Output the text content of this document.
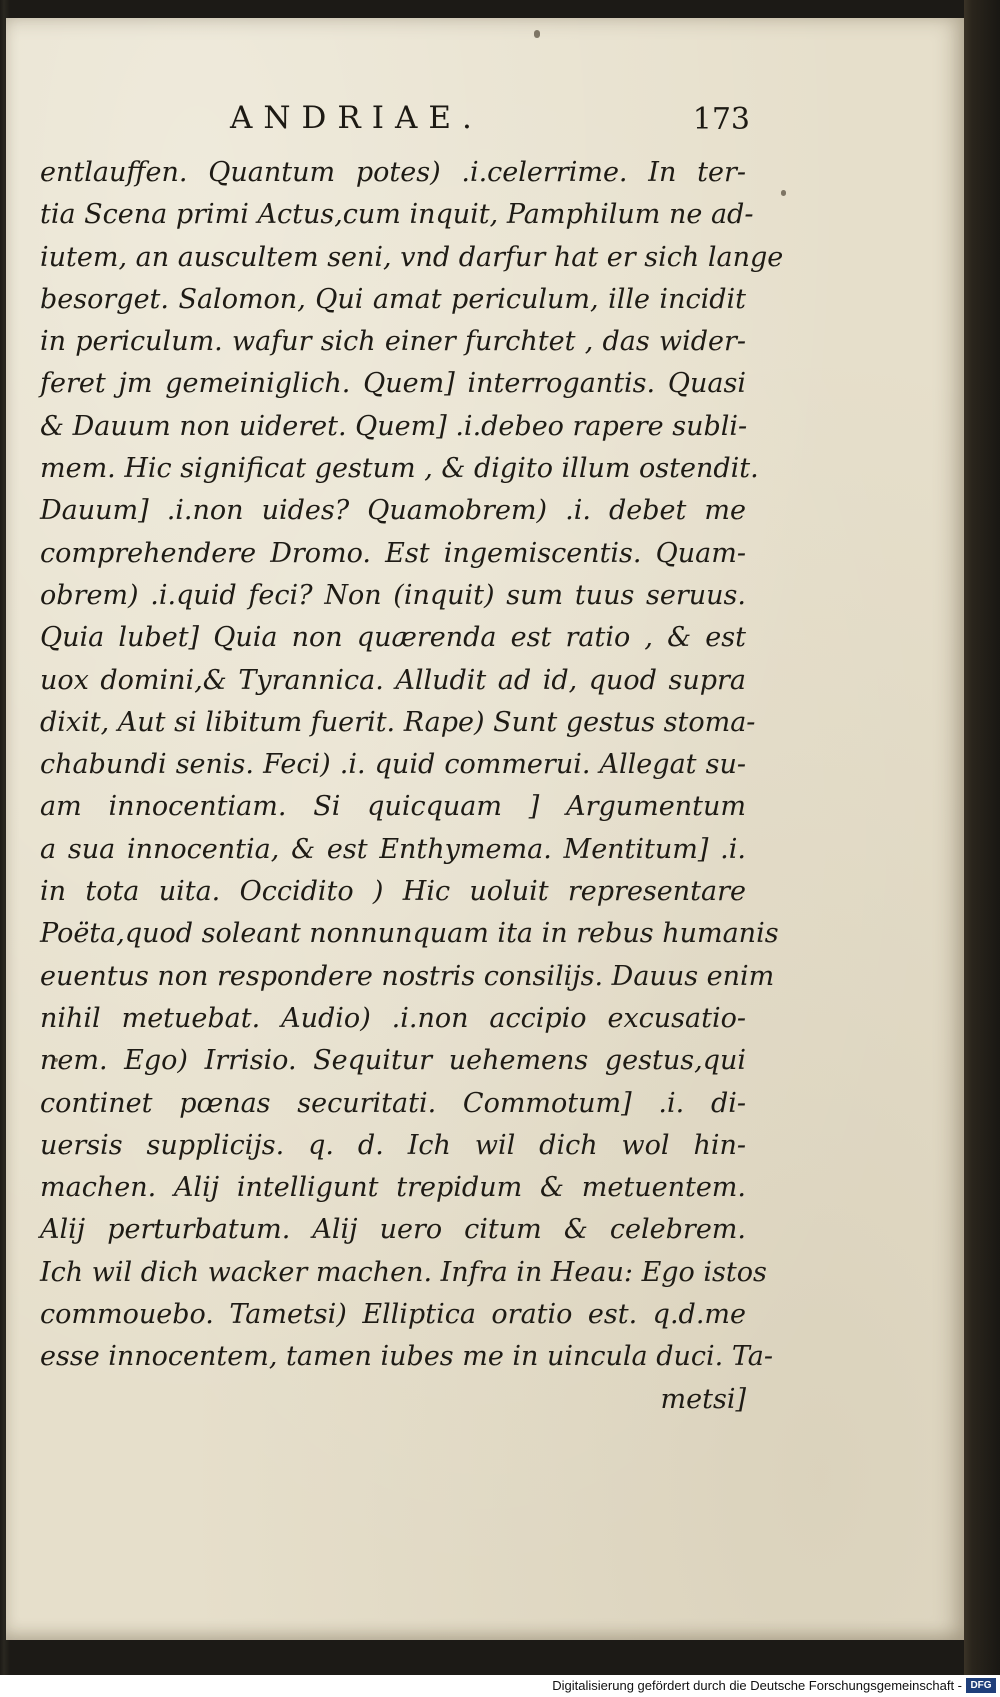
ANDRIAE.	173
entlauffen. Quantum potes) .i.celerrime. In ter-
tia Scena primi Actus,cum inquit, Pamphilum ne ad-
iutem, an auscultem seni, vnd darfur hat er sich lange
besorget. Salomon, Qui amat periculum, ille incidit
in periculum. wafur sich einer furchtet , das wider-
feret jm gemeiniglich. Quem] interrogantis. Quasi
& Dauum non uideret. Quem] .i.debeo rapere subli-
mem. Hic significat gestum , & digito illum ostendit.
Dauum] .i.non uides? Quamobrem) .i. debet me
comprehendere Dromo. Est ingemiscentis. Quam-
obrem) .i.quid feci? Non (inquit) sum tuus seruus.
Quia lubet] Quia non quærenda est ratio , & est
uox domini,& Tyrannica. Alludit ad id, quod supra
dixit, Aut si libitum fuerit. Rape) Sunt gestus stoma-
chabundi senis. Feci) .i. quid commerui. Allegat su-
am innocentiam. Si quicquam ] Argumentum
a sua innocentia, & est Enthymema. Mentitum] .i.
in tota uita. Occidito ) Hic uoluit representare
Poëta,quod soleant nonnunquam ita in rebus humanis
euentus non respondere nostris consilijs. Dauus enim
nihil metuebat. Audio) .i.non accipio excusatio-
nem. Ego) Irrisio. Sequitur uehemens gestus,qui
continet pœnas securitati. Commotum] .i. di-
uersis supplicijs. q. d. Ich wil dich wol hin-
machen. Alij intelligunt trepidum & metuentem.
Alij perturbatum. Alij uero citum & celebrem.
Ich wil dich wacker machen. Infra in Heau: Ego istos
commouebo. Tametsi) Elliptica oratio est. q.d.me
esse innocentem, tamen iubes me in uincula duci. Ta-
metsi]
Digitalisierung gefördert durch die Deutsche Forschungsgemeinschaft - DFG
